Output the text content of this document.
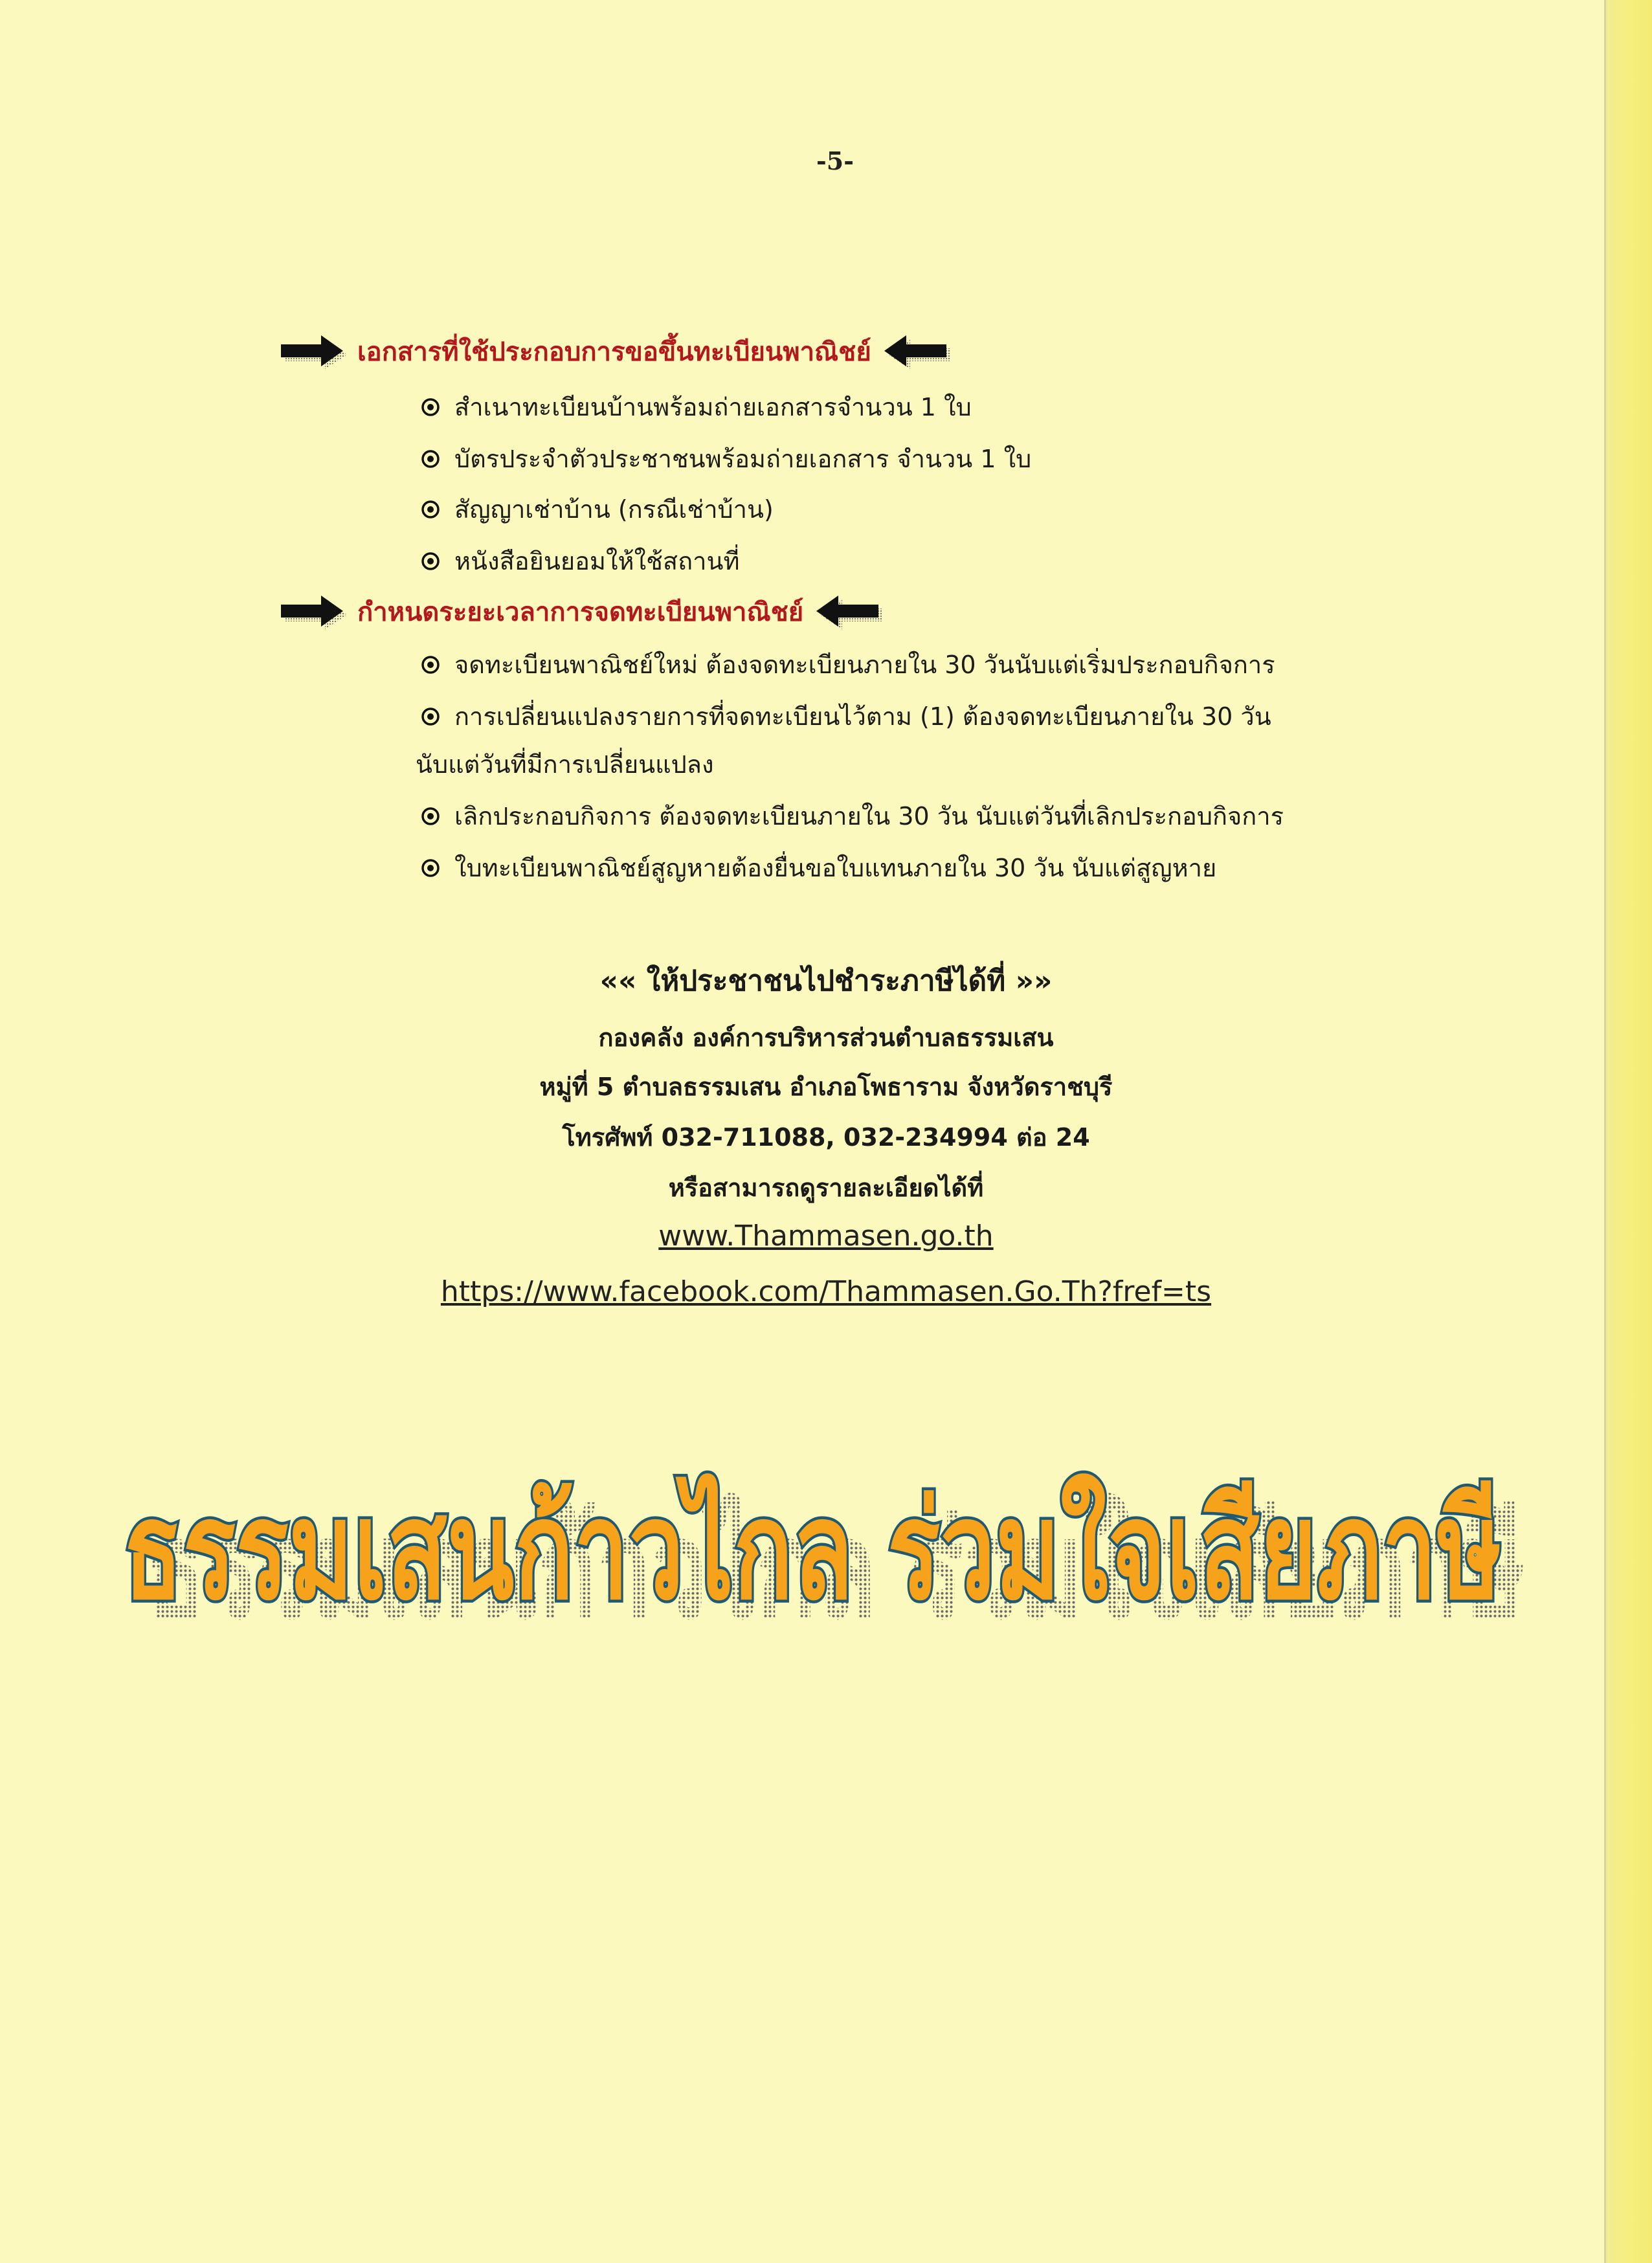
-5-
เอกสารที่ใช้ประกอบการขอขึ้นทะเบียนพาณิชย์
สำเนาทะเบียนบ้านพร้อมถ่ายเอกสารจำนวน 1 ใบ
บัตรประจำตัวประชาชนพร้อมถ่ายเอกสาร จำนวน 1 ใบ
สัญญาเช่าบ้าน (กรณีเช่าบ้าน)
หนังสือยินยอมให้ใช้สถานที่
กำหนดระยะเวลาการจดทะเบียนพาณิชย์
จดทะเบียนพาณิชย์ใหม่ ต้องจดทะเบียนภายใน 30 วันนับแต่เริ่มประกอบกิจการ
การเปลี่ยนแปลงรายการที่จดทะเบียนไว้ตาม (1) ต้องจดทะเบียนภายใน 30 วัน
นับแต่วันที่มีการเปลี่ยนแปลง
เลิกประกอบกิจการ ต้องจดทะเบียนภายใน 30 วัน นับแต่วันที่เลิกประกอบกิจการ
ใบทะเบียนพาณิชย์สูญหายต้องยื่นขอใบแทนภายใน 30 วัน นับแต่สูญหาย
«« ให้ประชาชนไปชำระภาษีได้ที่ »»
กองคลัง องค์การบริหารส่วนตำบลธรรมเสน
หมู่ที่ 5 ตำบลธรรมเสน อำเภอโพธาราม จังหวัดราชบุรี
โทรศัพท์ 032-711088, 032-234994 ต่อ 24
หรือสามารถดูรายละเอียดได้ที่
www.Thammasen.go.th
https://www.facebook.com/Thammasen.Go.Th?fref=ts
ธรรมเสนก้าวไกล ร่วมใจเสียภาษี
ธรรมเสนก้าวไกล ร่วมใจเสียภาษี
